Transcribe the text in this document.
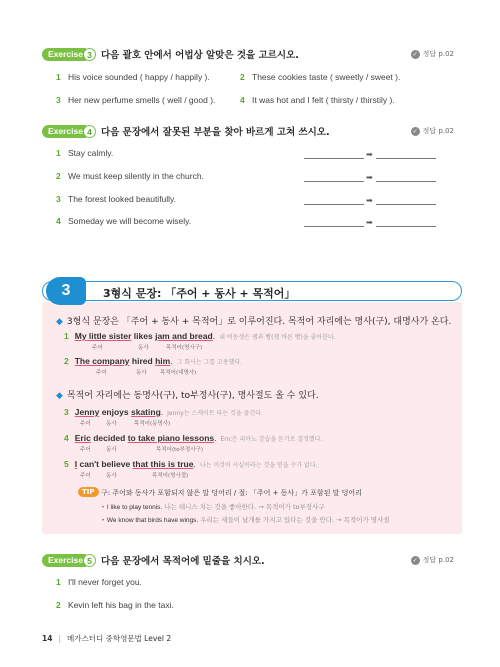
Exercise 3 다음 괄호 안에서 어법상 알맞은 것을 고르시오.	✓ 정답 p.02
1 His voice sounded ( happy / happily ).	2 These cookies taste ( sweetly / sweet ).
3 Her new perfume smells ( well / good ).	4 It was hot and I felt ( thirsty / thirstily ).
Exercise 4 다음 문장에서 잘못된 부분을 찾아 바르게 고쳐 쓰시오.	✓ 정답 p.02
1 Stay calmly.
2 We must keep silently in the church.
3 The forest looked beautifully.
4 Someday we will become wisely.
➡
➡
➡
➡
3	3형식 문장: 「주어 + 동사 + 목적어」
◆ 3형식 문장은 「주어 + 동사 + 목적어」로 이루어진다. 목적어 자리에는 명사(구), 대명사가 온다.
1 My little sister likes jam and bread. 내 여동생은 잼과 빵(잼 바른 빵)을 좋아한다.
주어	동사	목적어(명사구)
2 The company hired him. 그 회사는 그를 고용했다.
주어	동사 목적어(대명사)
◆ 목적어 자리에는 동명사(구), to부정사(구), 명사절도 올 수 있다.
3 Jenny enjoys skating. Jenny는 스케이트 타는 것을 즐긴다.
주어	동사	목적어(동명사)
4 Eric decided to take piano lessons. Eric은 피아노 강습을 듣기로 결정했다.
주어	동사	목적어(to부정사구)
5 I can't believe that this is true. 나는 이것이 사실이라는 것을 믿을 수가 없다.
주어	동사	목적어(명사절)
TIP 구: 주어와 동사가 포함되지 않은 말 덩어리 / 절: 「주어 + 동사」가 포함된 말 덩어리
• I like to play tennis. 나는 테니스 치는 것을 좋아한다. → 목적어가 to부정사구
• We know that birds have wings. 우리는 새들이 날개를 가지고 있다는 것을 안다. → 목적어가 명사절
Exercise 5 다음 문장에서 목적어에 밑줄을 치시오.	✓ 정답 p.02
1 I'll never forget you.
2 Kevin left his bag in the taxi.
14 | 메가스터디 중학영문법 Level 2
